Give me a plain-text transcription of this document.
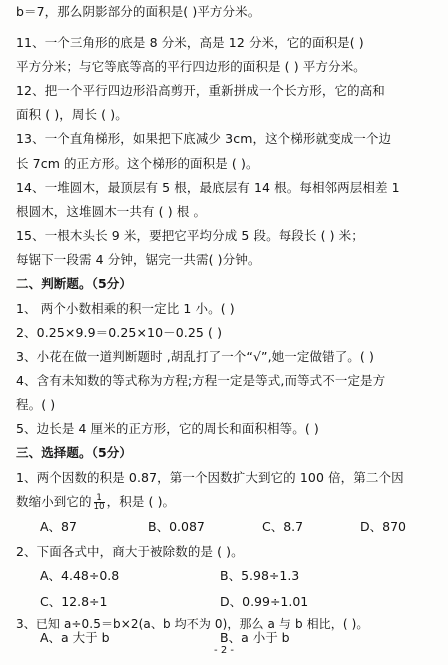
b＝7，那么阴影部分的面积是( )平方分米。
11、一个三角形的底是 8 分米，高是 12 分米，它的面积是( )
平方分米；与它等底等高的平行四边形的面积是 ( ) 平方分米。
12、把一个平行四边形沿高剪开，重新拼成一个长方形，它的高和
面积 ( )，周长 ( )。
13、一个直角梯形，如果把下底减少 3cm，这个梯形就变成一个边
长 7cm 的正方形。这个梯形的面积是 ( )。
14、一堆圆木，最顶层有 5 根，最底层有 14 根。每相邻两层相差 1
根圆木，这堆圆木一共有 ( ) 根 。
15、一根木头长 9 米，要把它平均分成 5 段。每段长 ( ) 米；
每锯下一段需 4 分钟，锯完一共需( )分钟。
二、判断题。（5分）
1、 两个小数相乘的积一定比 1 小。( )
2、0.25×9.9＝0.25×10－0.25 ( )
3、小花在做一道判断题时 ,胡乱打了一个“√”,她一定做错了。( )
4、含有未知数的等式称为方程;方程一定是等式,而等式不一定是方
程。( )
5、边长是 4 厘米的正方形，它的周长和面积相等。( )
三、选择题。（5分）
1、两个因数的积是 0.87，第一个因数扩大到它的 100 倍，第二个因
数缩小到它的 $\frac{1}{10}$ ，积是 ( )。
A、87	B、0.087	C、8.7	D、870
2、下面各式中，商大于被除数的是 ( )。
A、4.48÷0.8	B、5.98÷1.3
C、12.8÷1	D、0.99÷1.01
3、已知 a÷0.5＝b×2(a、b 均不为 0)，那么 a 与 b 相比，( )。
A、a 大于 b	B、a 小于 b
- 2 -
